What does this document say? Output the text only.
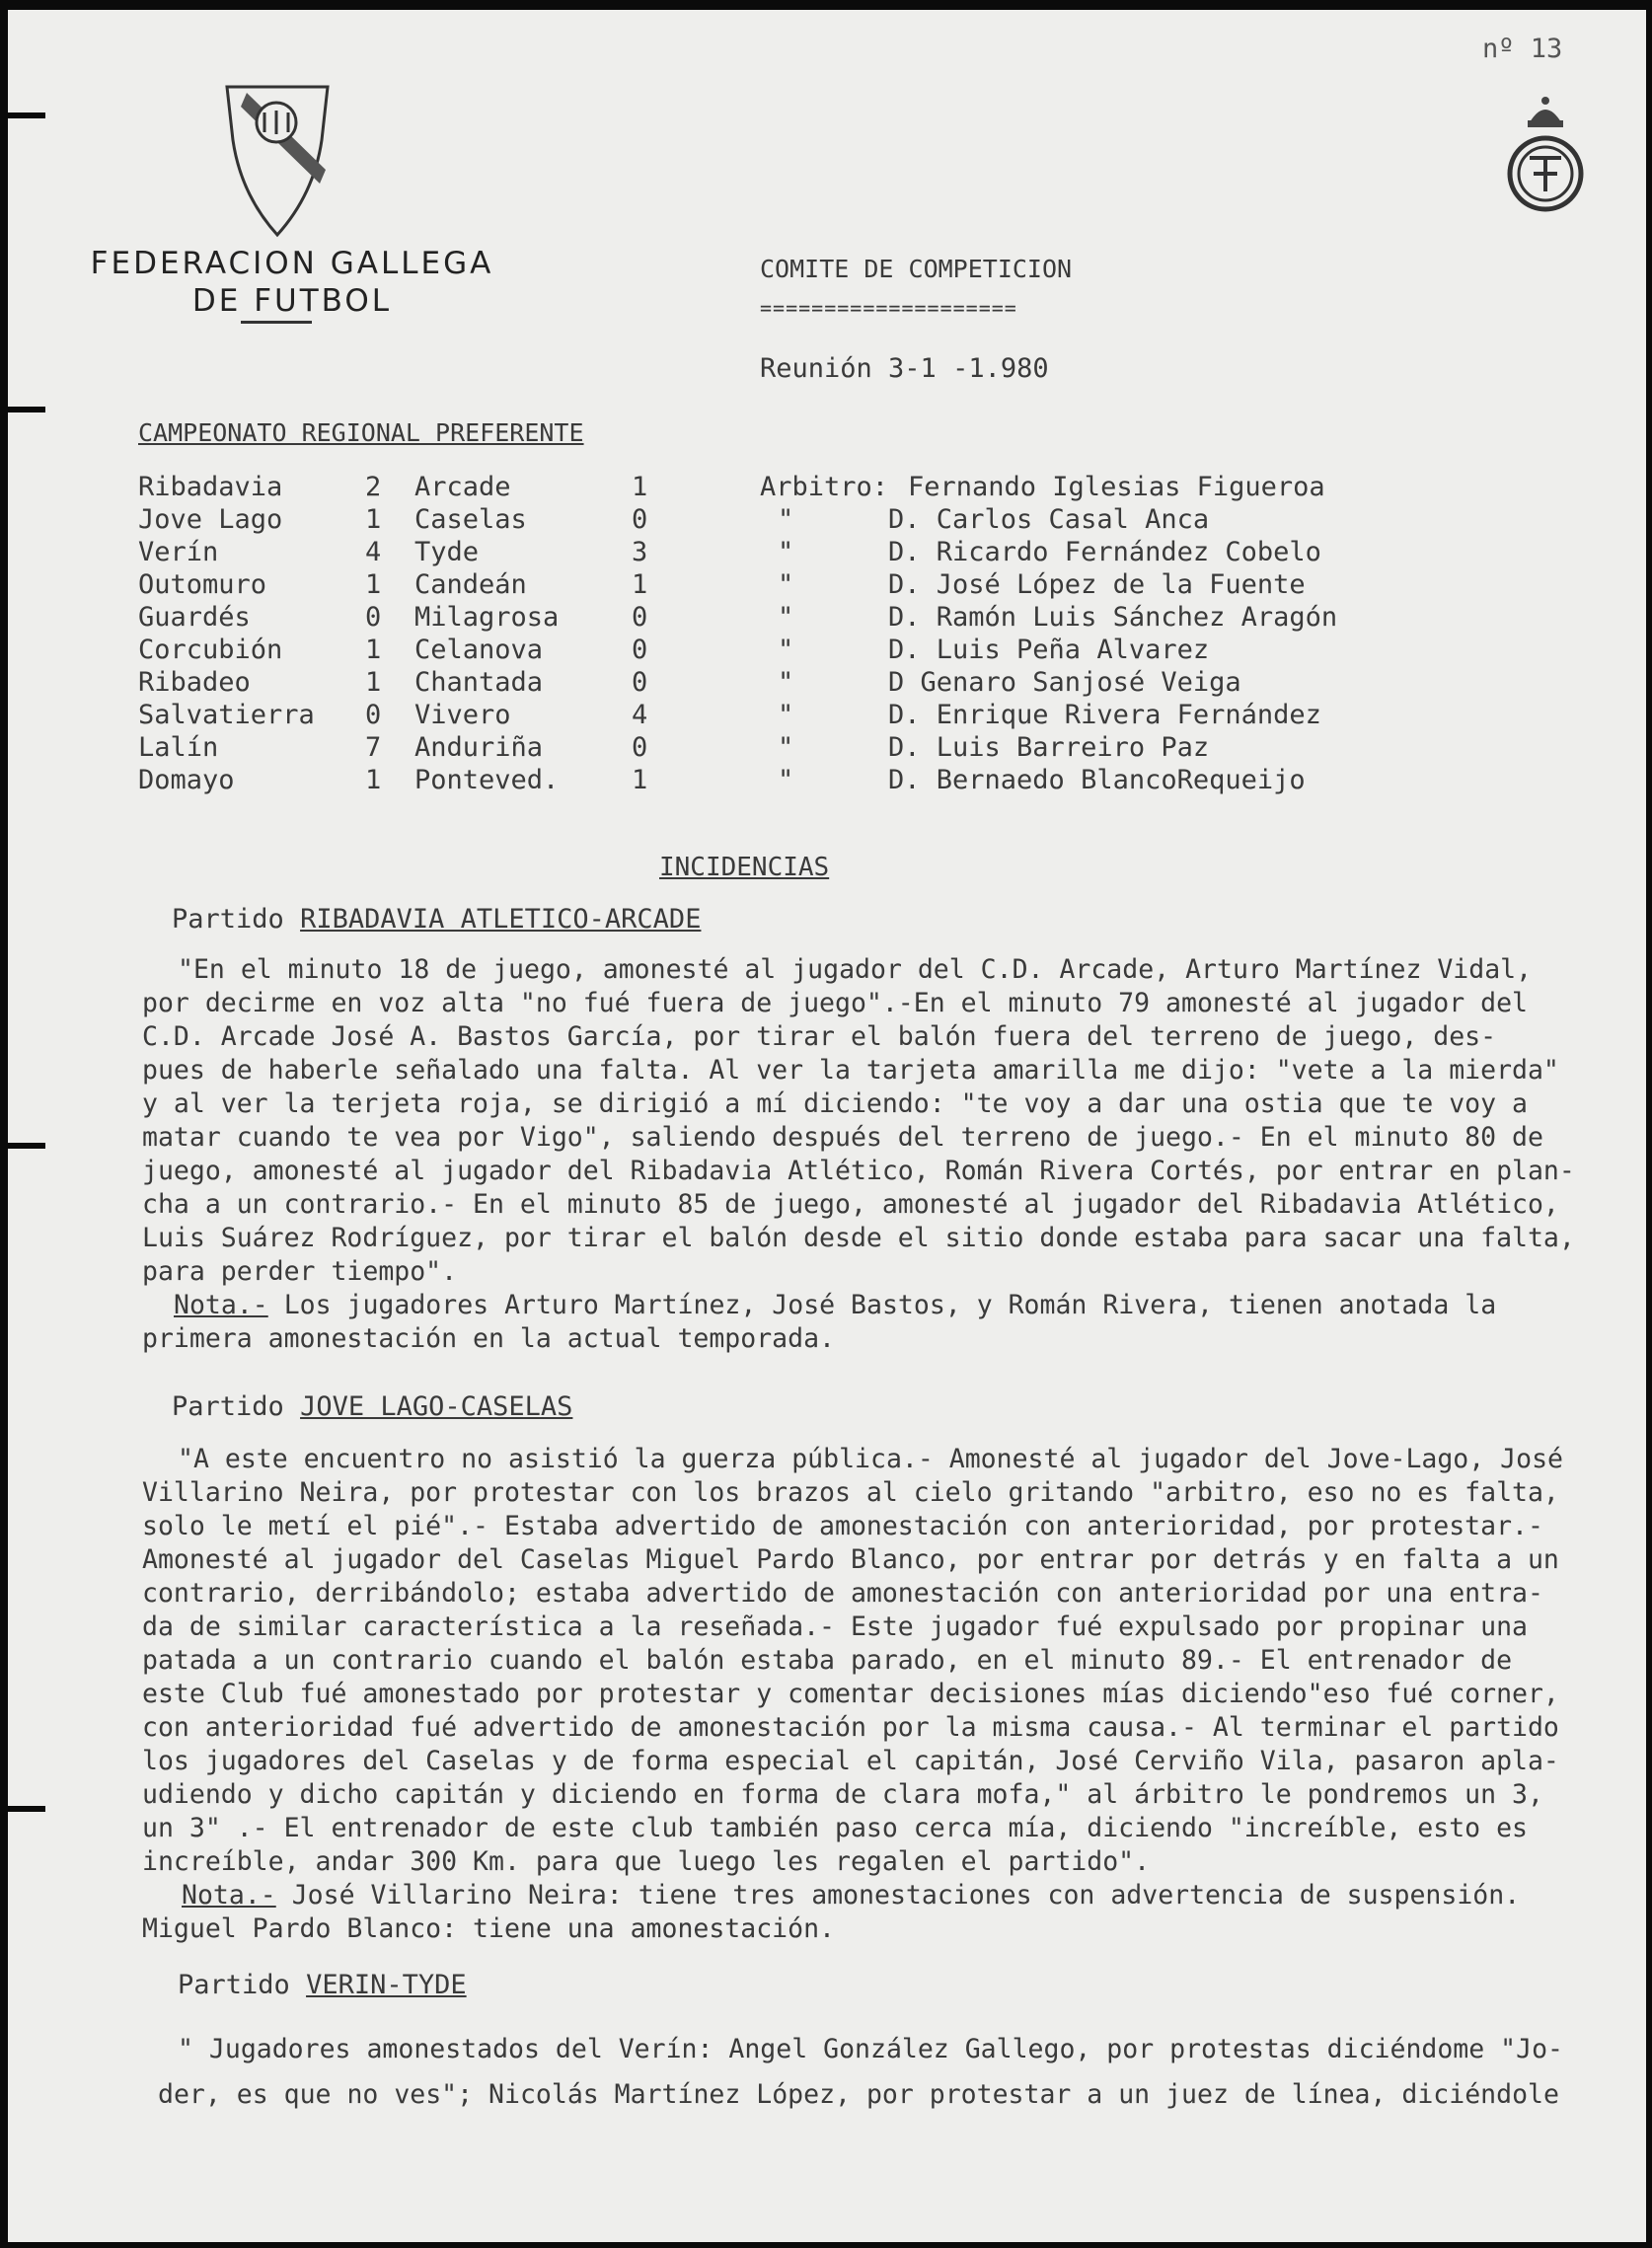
nº 13
FEDERACION GALLEGA
DE FUTBOL
COMITE DE COMPETICION
====================
Reunión 3-1 -1.980
CAMPEONATO REGIONAL PREFERENTE
Ribadavia	2 Arcade	1	Arbitro: Fernando Iglesias Figueroa
Jove Lago	1 Caselas	0	"	D. Carlos Casal Anca
Verín	4 Tyde	3	"	D. Ricardo Fernández Cobelo
Outomuro	1 Candeán	1	"	D. José López de la Fuente
Guardés	0 Milagrosa	0	"	D. Ramón Luis Sánchez Aragón
Corcubión	1 Celanova	0	"	D. Luis Peña Alvarez
Ribadeo	1 Chantada	0	"	D Genaro Sanjosé Veiga
Salvatierra 0 Vivero	4	"	D. Enrique Rivera Fernández
Lalín	7 Anduriña	0	"	D. Luis Barreiro Paz
Domayo	1 Ponteved.	1	"	D. Bernaedo BlancoRequeijo
INCIDENCIAS
Partido RIBADAVIA ATLETICO-ARCADE
"En el minuto 18 de juego, amonesté al jugador del C.D. Arcade, Arturo Martínez Vidal,
por decirme en voz alta "no fué fuera de juego".-En el minuto 79 amonesté al jugador del
C.D. Arcade José A. Bastos García, por tirar el balón fuera del terreno de juego, des-
pues de haberle señalado una falta. Al ver la tarjeta amarilla me dijo: "vete a la mierda"
y al ver la terjeta roja, se dirigió a mí diciendo: "te voy a dar una ostia que te voy a
matar cuando te vea por Vigo", saliendo después del terreno de juego.- En el minuto 80 de
juego, amonesté al jugador del Ribadavia Atlético, Román Rivera Cortés, por entrar en plan-
cha a un contrario.- En el minuto 85 de juego, amonesté al jugador del Ribadavia Atlético,
Luis Suárez Rodríguez, por tirar el balón desde el sitio donde estaba para sacar una falta,
para perder tiempo".
Nota.- Los jugadores Arturo Martínez, José Bastos, y Román Rivera, tienen anotada la
primera amonestación en la actual temporada.
Partido JOVE LAGO-CASELAS
"A este encuentro no asistió la guerza pública.- Amonesté al jugador del Jove-Lago, José
Villarino Neira, por protestar con los brazos al cielo gritando "arbitro, eso no es falta,
solo le metí el pié".- Estaba advertido de amonestación con anterioridad, por protestar.-
Amonesté al jugador del Caselas Miguel Pardo Blanco, por entrar por detrás y en falta a un
contrario, derribándolo; estaba advertido de amonestación con anterioridad por una entra-
da de similar característica a la reseñada.- Este jugador fué expulsado por propinar una
patada a un contrario cuando el balón estaba parado, en el minuto 89.- El entrenador de
este Club fué amonestado por protestar y comentar decisiones mías diciendo"eso fué corner,
con anterioridad fué advertido de amonestación por la misma causa.- Al terminar el partido
los jugadores del Caselas y de forma especial el capitán, José Cerviño Vila, pasaron apla-
udiendo y dicho capitán y diciendo en forma de clara mofa," al árbitro le pondremos un 3,
un 3" .- El entrenador de este club también paso cerca mía, diciendo "increíble, esto es
increíble, andar 300 Km. para que luego les regalen el partido".
Nota.- José Villarino Neira: tiene tres amonestaciones con advertencia de suspensión.
Miguel Pardo Blanco: tiene una amonestación.
Partido VERIN-TYDE
" Jugadores amonestados del Verín: Angel González Gallego, por protestas diciéndome "Jo-
der, es que no ves"; Nicolás Martínez López, por protestar a un juez de línea, diciéndole
